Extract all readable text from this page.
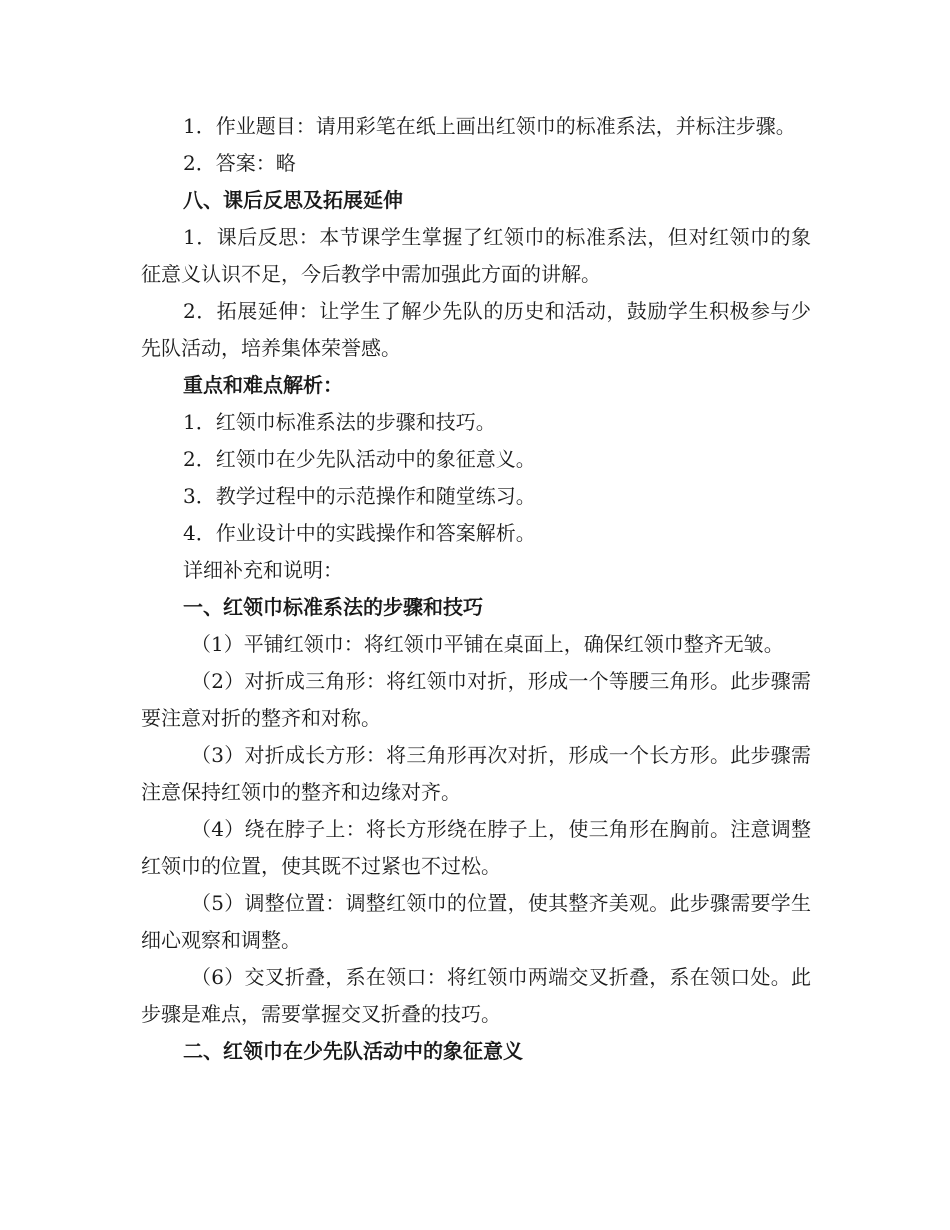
1．作业题目：请用彩笔在纸上画出红领巾的标准系法，并标注步骤。

2．答案：略

八、课后反思及拓展延伸

1．课后反思：本节课学生掌握了红领巾的标准系法，但对红领巾的象征意义认识不足，今后教学中需加强此方面的讲解。

2．拓展延伸：让学生了解少先队的历史和活动，鼓励学生积极参与少先队活动，培养集体荣誉感。

重点和难点解析：

1．红领巾标准系法的步骤和技巧。

2．红领巾在少先队活动中的象征意义。

3．教学过程中的示范操作和随堂练习。

4．作业设计中的实践操作和答案解析。

详细补充和说明：

一、红领巾标准系法的步骤和技巧

（1）平铺红领巾：将红领巾平铺在桌面上，确保红领巾整齐无皱。

（2）对折成三角形：将红领巾对折，形成一个等腰三角形。此步骤需要注意对折的整齐和对称。

（3）对折成长方形：将三角形再次对折，形成一个长方形。此步骤需注意保持红领巾的整齐和边缘对齐。

（4）绕在脖子上：将长方形绕在脖子上，使三角形在胸前。注意调整红领巾的位置，使其既不过紧也不过松。

（5）调整位置：调整红领巾的位置，使其整齐美观。此步骤需要学生细心观察和调整。

（6）交叉折叠，系在领口：将红领巾两端交叉折叠，系在领口处。此步骤是难点，需要掌握交叉折叠的技巧。

二、红领巾在少先队活动中的象征意义
